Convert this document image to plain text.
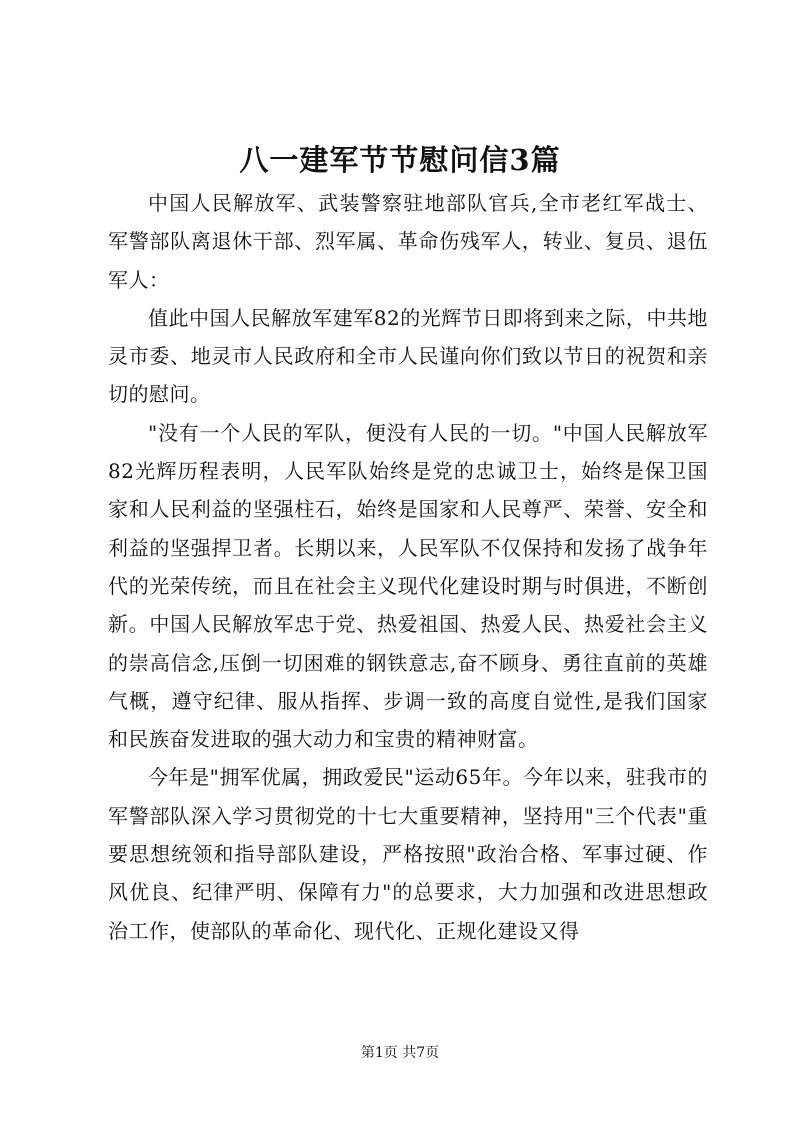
八一建军节节慰问信3篇

中国人民解放军、武装警察驻地部队官兵,全市老红军战士、军警部队离退休干部、烈军属、革命伤残军人，转业、复员、退伍军人：

值此中国人民解放军建军82的光辉节日即将到来之际，中共地灵市委、地灵市人民政府和全市人民谨向你们致以节日的祝贺和亲切的慰问。

"没有一个人民的军队，便没有人民的一切。"中国人民解放军82光辉历程表明，人民军队始终是党的忠诚卫士，始终是保卫国家和人民利益的坚强柱石，始终是国家和人民尊严、荣誉、安全和利益的坚强捍卫者。长期以来，人民军队不仅保持和发扬了战争年代的光荣传统，而且在社会主义现代化建设时期与时俱进，不断创新。中国人民解放军忠于党、热爱祖国、热爱人民、热爱社会主义的崇高信念,压倒一切困难的钢铁意志,奋不顾身、勇往直前的英雄气概，遵守纪律、服从指挥、步调一致的高度自觉性,是我们国家和民族奋发进取的强大动力和宝贵的精神财富。

今年是"拥军优属，拥政爱民"运动65年。今年以来，驻我市的军警部队深入学习贯彻党的十七大重要精神，坚持用"三个代表"重要思想统领和指导部队建设，严格按照"政治合格、军事过硬、作风优良、纪律严明、保障有力"的总要求，大力加强和改进思想政治工作，使部队的革命化、现代化、正规化建设又得

第1页 共7页
